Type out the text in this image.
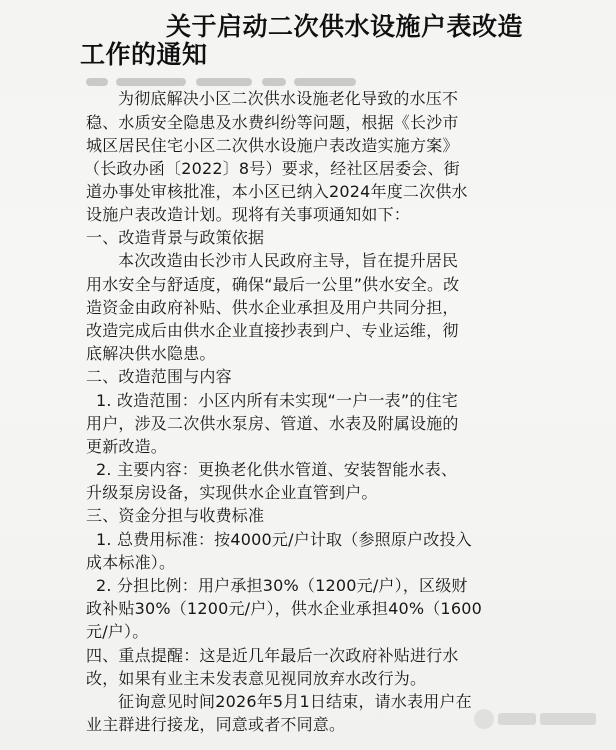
关于启动二次供水设施户表改造
工作的通知

为彻底解决小区二次供水设施老化导致的水压不

稳、水质安全隐患及水费纠纷等问题，根据《长沙市

城区居民住宅小区二次供水设施户表改造实施方案》

（长政办函〔2022〕8号）要求，经社区居委会、街

道办事处审核批准，本小区已纳入2024年度二次供水

设施户表改造计划。现将有关事项通知如下：

一、改造背景与政策依据

本次改造由长沙市人民政府主导，旨在提升居民

用水安全与舒适度，确保“最后一公里”供水安全。改

造资金由政府补贴、供水企业承担及用户共同分担，

改造完成后由供水企业直接抄表到户、专业运维，彻

底解决供水隐患。

二、改造范围与内容

1. 改造范围：小区内所有未实现“一户一表”的住宅

用户，涉及二次供水泵房、管道、水表及附属设施的

更新改造。

2. 主要内容：更换老化供水管道、安装智能水表、

升级泵房设备，实现供水企业直管到户。

三、资金分担与收费标准

1. 总费用标准：按4000元/户计取（参照原户改投入

成本标准）。

2. 分担比例：用户承担30%（1200元/户），区级财

政补贴30%（1200元/户），供水企业承担40%（1600

元/户）。

四、重点提醒：这是近几年最后一次政府补贴进行水

改，如果有业主未发表意见视同放弃水改行为。

征询意见时间2026年5月1日结束，请水表用户在

业主群进行接龙，同意或者不同意。
